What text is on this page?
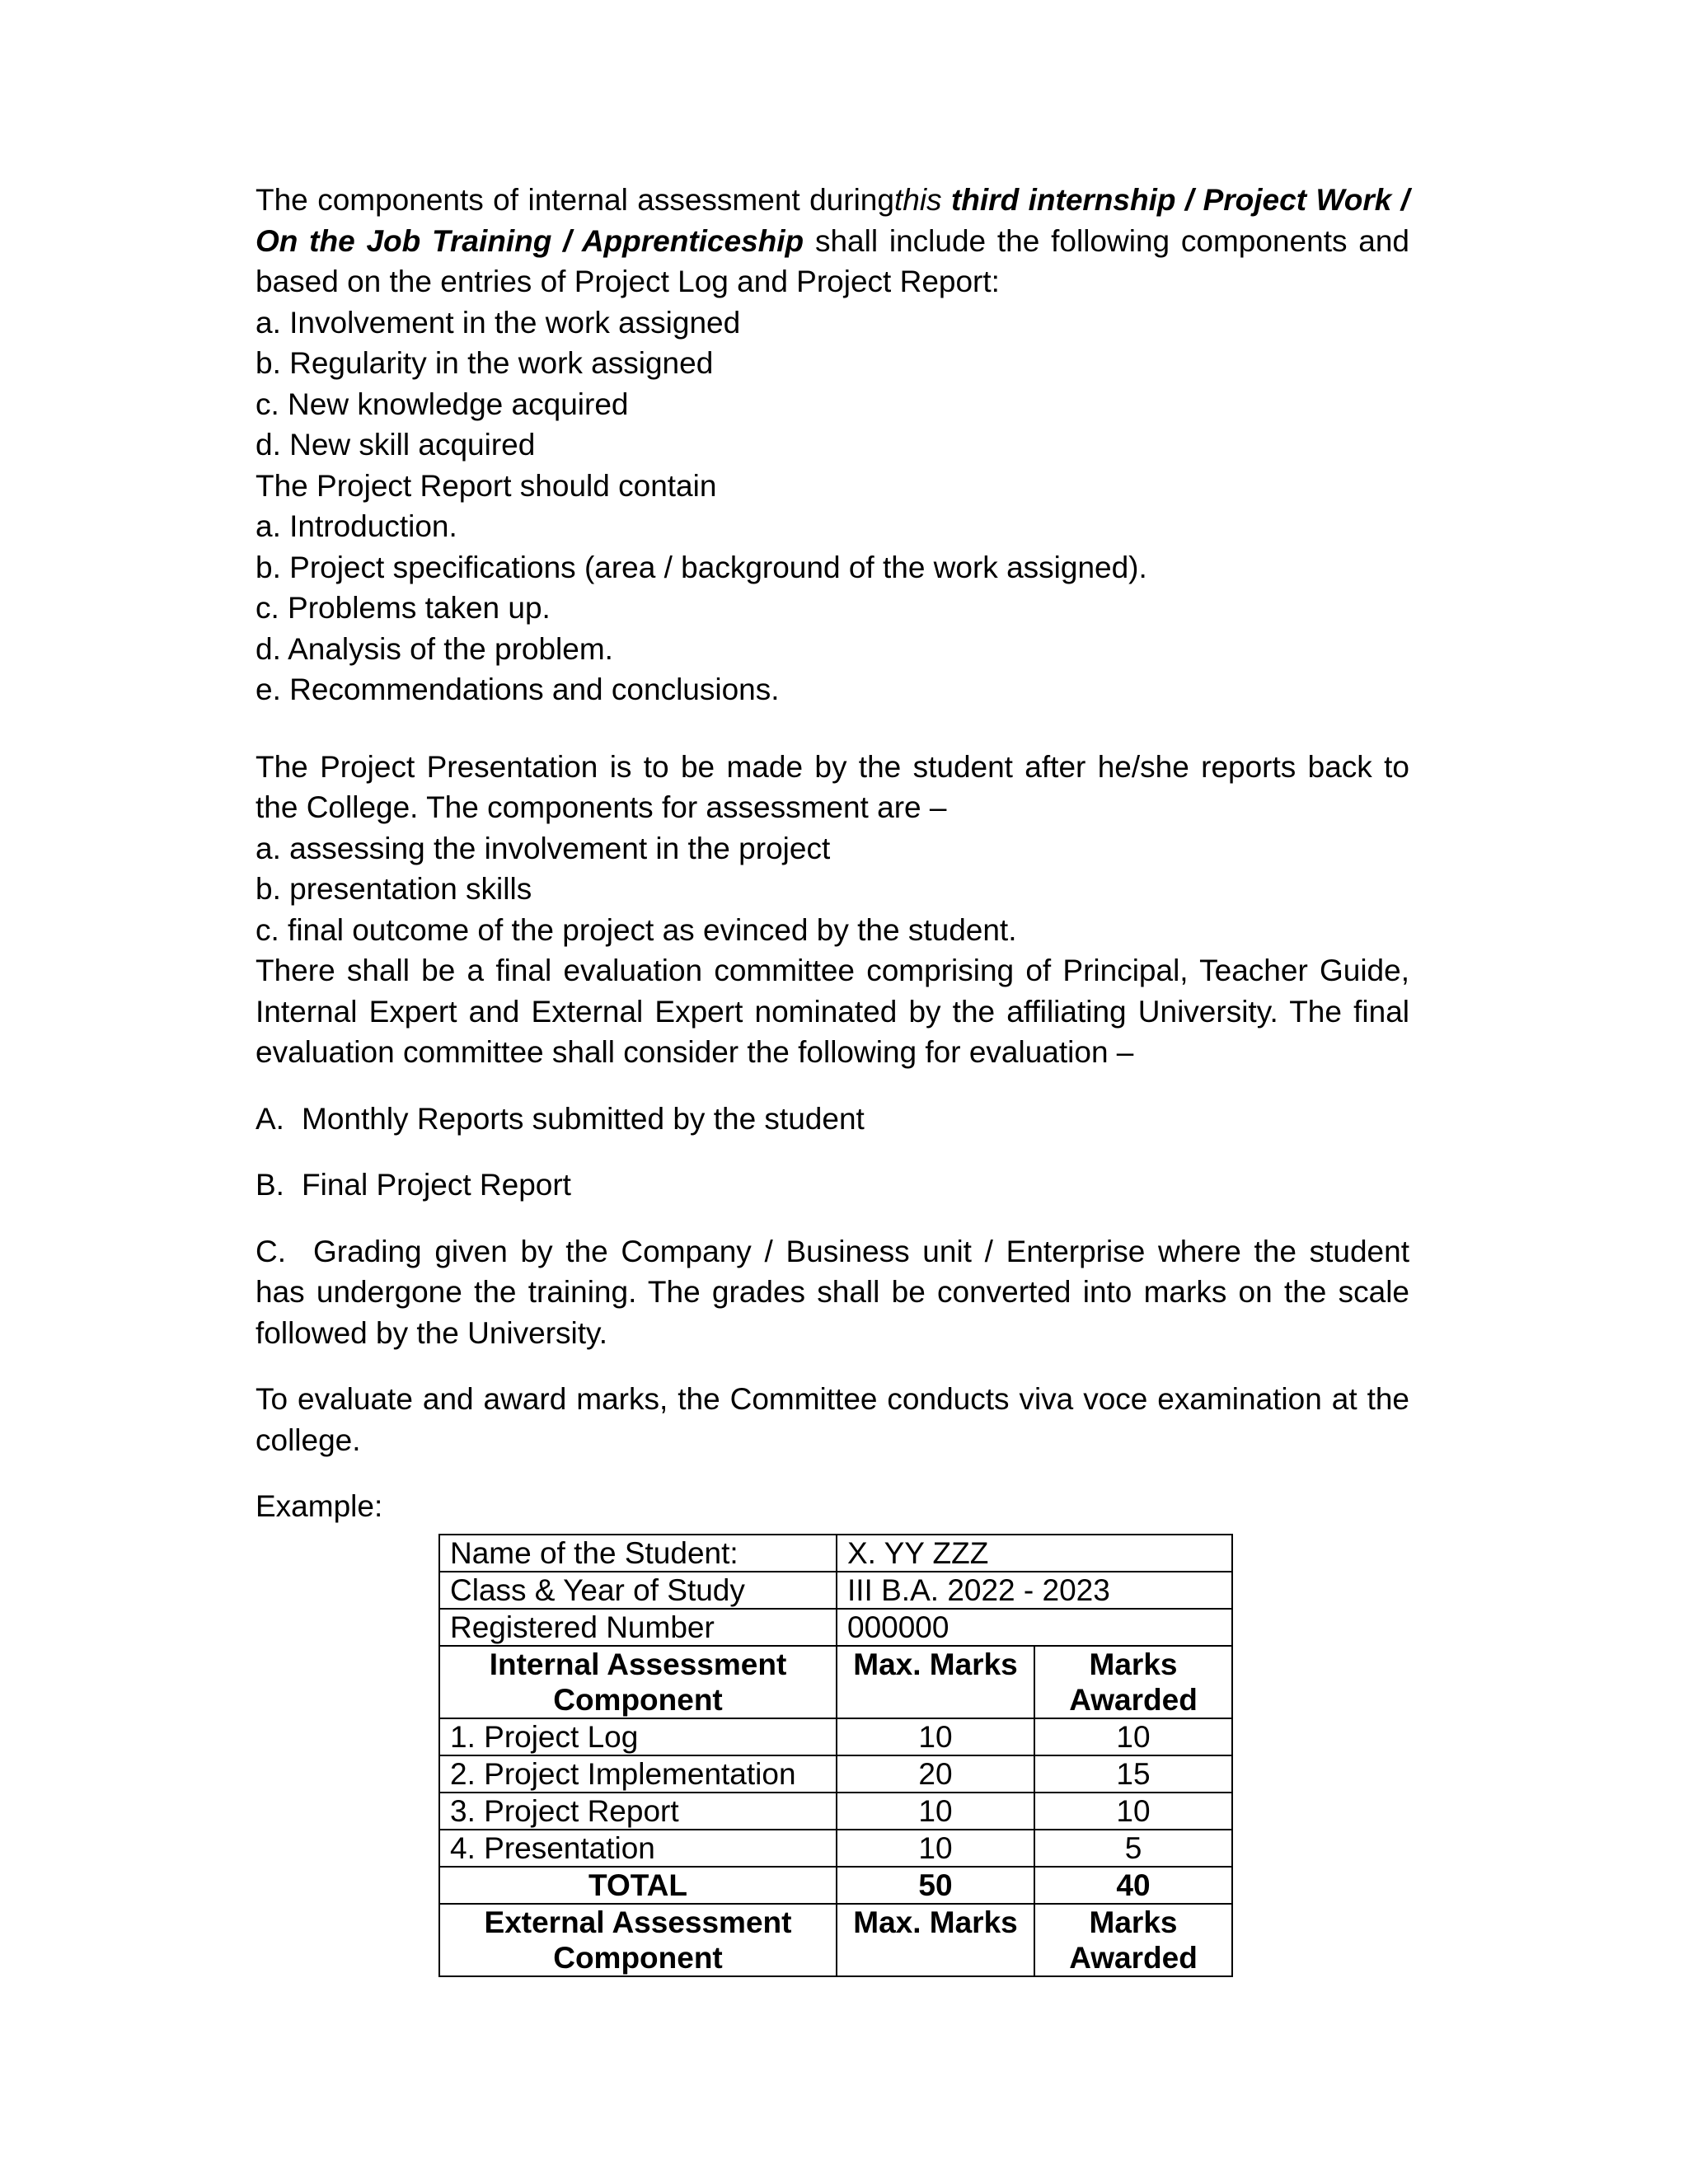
The components of internal assessment duringthis third internship / Project Work / On the Job Training / Apprenticeship shall include the following components and based on the entries of Project Log and Project Report:
a. Involvement in the work assigned
b. Regularity in the work assigned
c. New knowledge acquired
d. New skill acquired
The Project Report should contain
a. Introduction.
b. Project specifications (area / background of the work assigned).
c. Problems taken up.
d. Analysis of the problem.
e. Recommendations and conclusions.
The Project Presentation is to be made by the student after he/she reports back to the College. The components for assessment are –
a. assessing the involvement in the project
b. presentation skills
c. final outcome of the project as evinced by the student.
There shall be a final evaluation committee comprising of Principal, Teacher Guide, Internal Expert and External Expert nominated by the affiliating University. The final evaluation committee shall consider the following for evaluation –
A. Monthly Reports submitted by the student
B. Final Project Report
C. Grading given by the Company / Business unit / Enterprise where the student has undergone the training. The grades shall be converted into marks on the scale followed by the University.
To evaluate and award marks, the Committee conducts viva voce examination at the college.
Example:
Name of the Student:	X. YY ZZZ	
Class & Year of Study	III B.A. 2022 - 2023	
Registered Number	000000	
Internal Assessment Component	Max. Marks	Marks Awarded
1. Project Log	10	10
2. Project Implementation	20	15
3. Project Report	10	10
4. Presentation	10	5
TOTAL	50	40
External Assessment Component	Max. Marks	Marks Awarded
